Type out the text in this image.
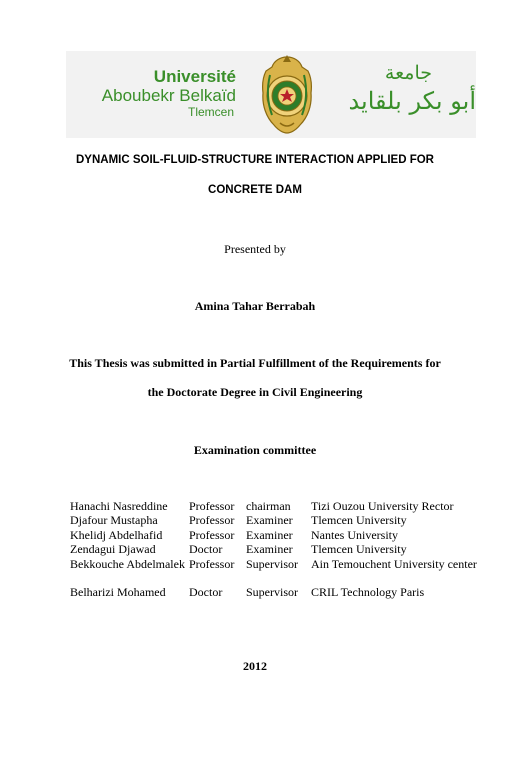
Université
Aboubekr Belkaïd
Tlemcen
جامعة
أبو بكر بلقايد
DYNAMIC SOIL-FLUID-STRUCTURE INTERACTION APPLIED FOR
CONCRETE DAM
Presented by
Amina Tahar Berrabah
This Thesis was submitted in Partial Fulfillment of the Requirements for
the Doctorate Degree in Civil Engineering
Examination committee
Hanachi Nasreddine	Professor chairman	Tizi Ouzou University Rector
Djafour Mustapha	Professor Examiner	Tlemcen University
Khelidj Abdelhafid	Professor Examiner	Nantes University
Zendagui Djawad	Doctor	Examiner	Tlemcen University
Bekkouche Abdelmalek Professor Supervisor	Ain Temouchent University center
Belharizi Mohamed	Doctor	Supervisor	CRIL Technology Paris
2012
